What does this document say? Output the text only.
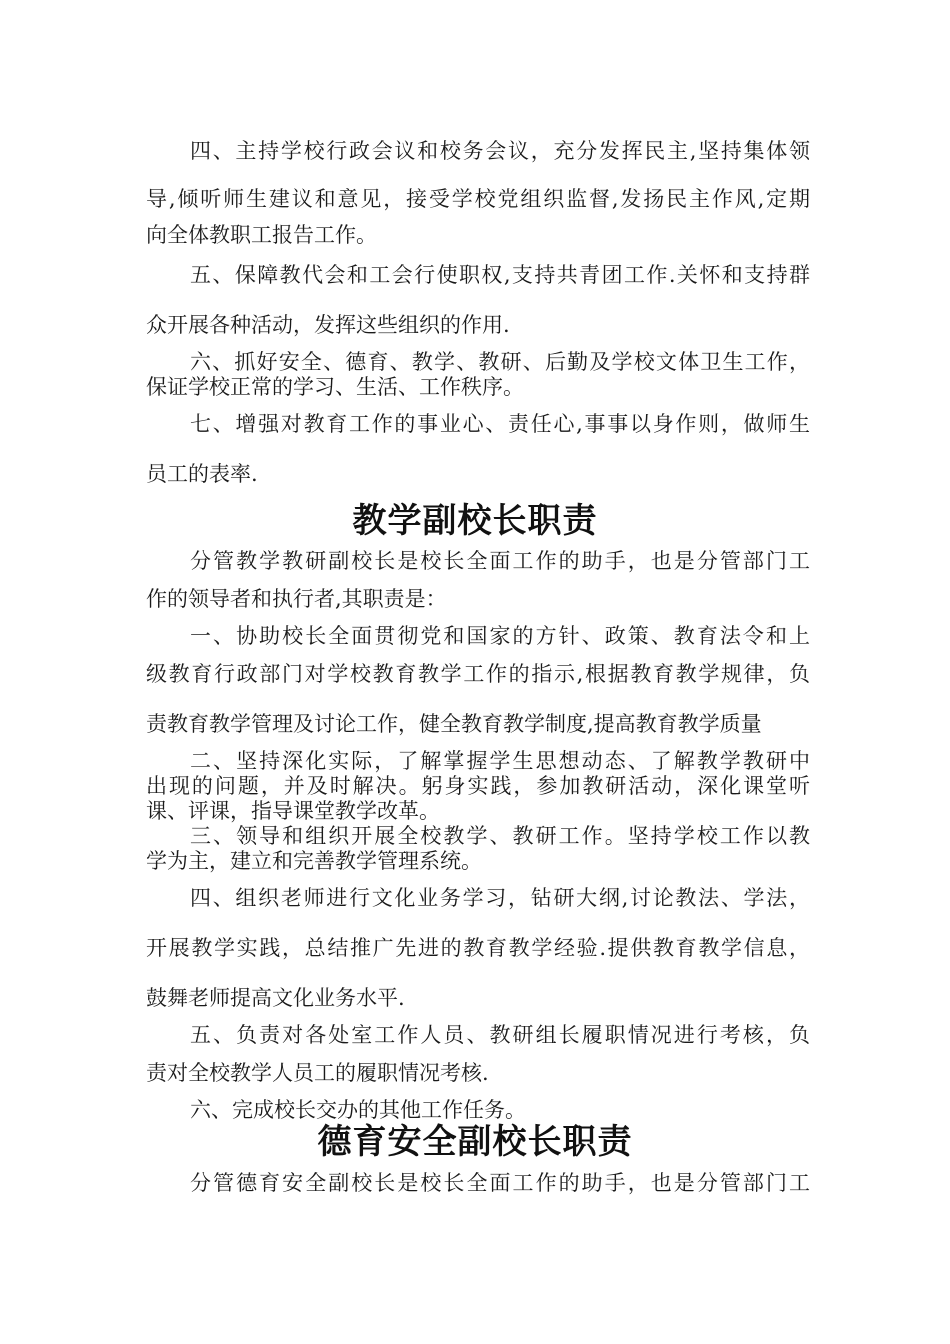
四、主持学校行政会议和校务会议，充分发挥民主,坚持集体领
导,倾听师生建议和意见，接受学校党组织监督,发扬民主作风,定期
向全体教职工报告工作。
五、保障教代会和工会行使职权,支持共青团工作.关怀和支持群
众开展各种活动，发挥这些组织的作用.
六、抓好安全、德育、教学、教研、后勤及学校文体卫生工作，
保证学校正常的学习、生活、工作秩序。
七、增强对教育工作的事业心、责任心,事事以身作则，做师生
员工的表率.
教学副校长职责
分管教学教研副校长是校长全面工作的助手，也是分管部门工
作的领导者和执行者,其职责是：
一、协助校长全面贯彻党和国家的方针、政策、教育法令和上
级教育行政部门对学校教育教学工作的指示,根据教育教学规律，负
责教育教学管理及讨论工作，健全教育教学制度,提高教育教学质量
二、坚持深化实际，了解掌握学生思想动态、了解教学教研中
出现的问题，并及时解决。躬身实践，参加教研活动，深化课堂听
课、评课，指导课堂教学改革。
三、领导和组织开展全校教学、教研工作。坚持学校工作以教
学为主，建立和完善教学管理系统。
四、组织老师进行文化业务学习，钻研大纲,讨论教法、学法，
开展教学实践，总结推广先进的教育教学经验.提供教育教学信息，
鼓舞老师提高文化业务水平.
五、负责对各处室工作人员、教研组长履职情况进行考核，负
责对全校教学人员工的履职情况考核.
六、完成校长交办的其他工作任务。
德育安全副校长职责
分管德育安全副校长是校长全面工作的助手，也是分管部门工
